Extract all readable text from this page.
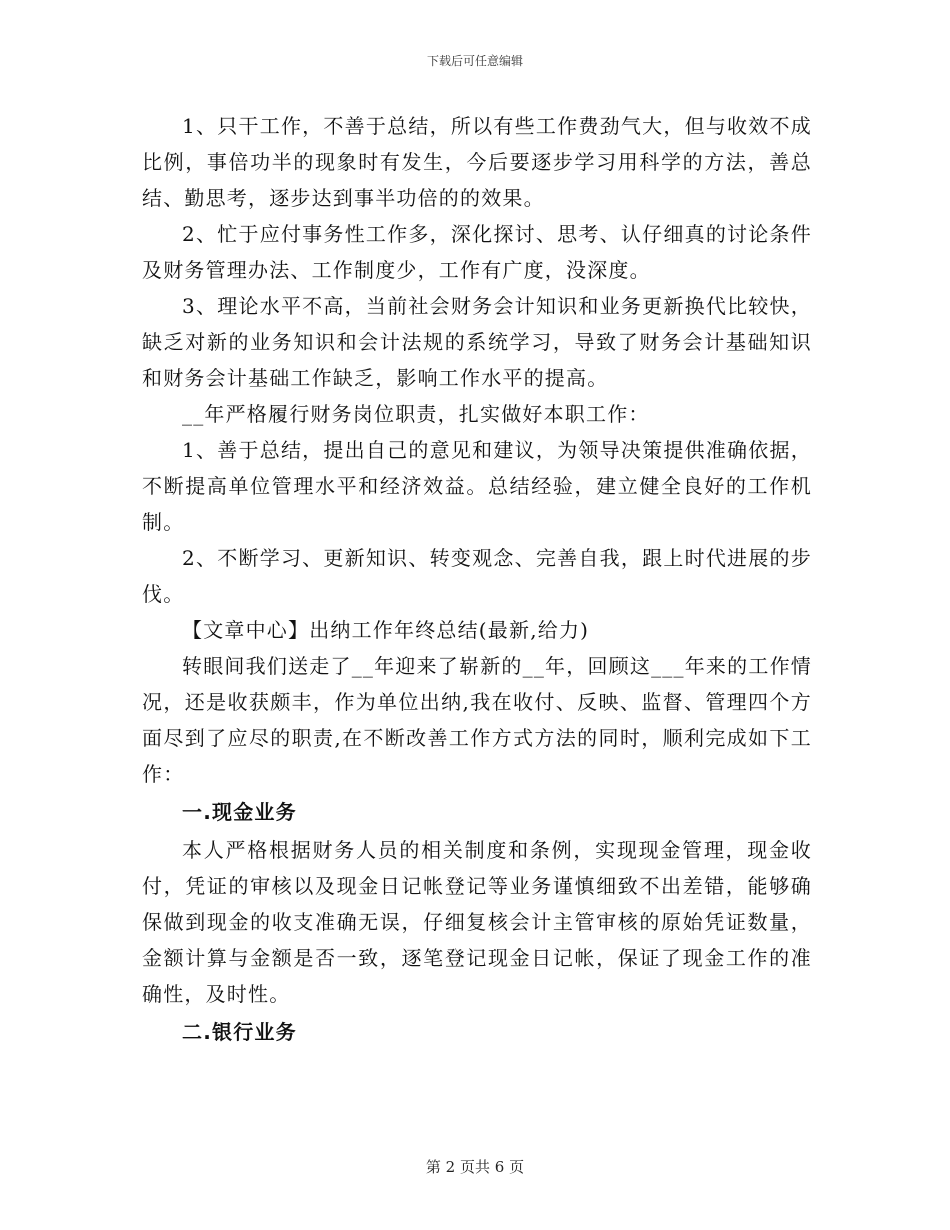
下载后可任意编辑

1、只干工作，不善于总结，所以有些工作费劲气大，但与收效不成比例，事倍功半的现象时有发生，今后要逐步学习用科学的方法，善总结、勤思考，逐步达到事半功倍的的效果。

2、忙于应付事务性工作多，深化探讨、思考、认仔细真的讨论条件及财务管理办法、工作制度少，工作有广度，没深度。

3、理论水平不高，当前社会财务会计知识和业务更新换代比较快，缺乏对新的业务知识和会计法规的系统学习，导致了财务会计基础知识和财务会计基础工作缺乏，影响工作水平的提高。

__年严格履行财务岗位职责，扎实做好本职工作：

1、善于总结，提出自己的意见和建议，为领导决策提供准确依据，不断提高单位管理水平和经济效益。总结经验，建立健全良好的工作机制。

2、不断学习、更新知识、转变观念、完善自我，跟上时代进展的步伐。

【文章中心】出纳工作年终总结(最新,给力)

转眼间我们送走了__年迎来了崭新的__年，回顾这___年来的工作情况，还是收获颇丰，作为单位出纳,我在收付、反映、监督、管理四个方面尽到了应尽的职责,在不断改善工作方式方法的同时，顺利完成如下工作：

一.现金业务

本人严格根据财务人员的相关制度和条例，实现现金管理，现金收付，凭证的审核以及现金日记帐登记等业务谨慎细致不出差错，能够确保做到现金的收支准确无误，仔细复核会计主管审核的原始凭证数量，金额计算与金额是否一致，逐笔登记现金日记帐，保证了现金工作的准确性，及时性。

二.银行业务

第 2 页共 6 页
